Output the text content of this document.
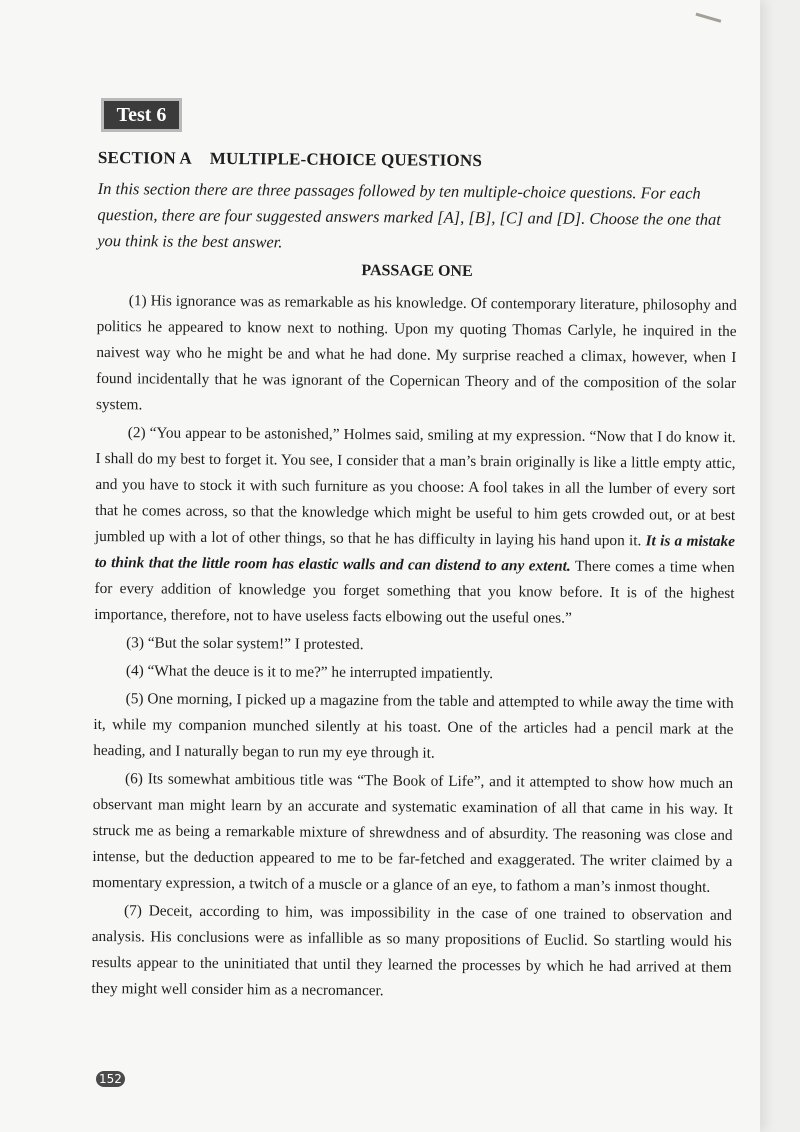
Test 6
SECTION A MULTIPLE-CHOICE QUESTIONS

In this section there are three passages followed by ten multiple-choice questions. For each question, there are four suggested answers marked [A], [B], [C] and [D]. Choose the one that you think is the best answer.

PASSAGE ONE

(1) His ignorance was as remarkable as his knowledge. Of contemporary literature, philosophy and politics he appeared to know next to nothing. Upon my quoting Thomas Carlyle, he inquired in the naivest way who he might be and what he had done. My surprise reached a climax, however, when I found incidentally that he was ignorant of the Copernican Theory and of the composition of the solar system.

(2) “You appear to be astonished,” Holmes said, smiling at my expression. “Now that I do know it. I shall do my best to forget it. You see, I consider that a man’s brain originally is like a little empty attic, and you have to stock it with such furniture as you choose: A fool takes in all the lumber of every sort that he comes across, so that the knowledge which might be useful to him gets crowded out, or at best jumbled up with a lot of other things, so that he has difficulty in laying his hand upon it. It is a mistake to think that the little room has elastic walls and can distend to any extent. There comes a time when for every addition of knowledge you forget something that you know before. It is of the highest importance, therefore, not to have useless facts elbowing out the useful ones.”

(3) “But the solar system!” I protested.

(4) “What the deuce is it to me?” he interrupted impatiently.

(5) One morning, I picked up a magazine from the table and attempted to while away the time with it, while my companion munched silently at his toast. One of the articles had a pencil mark at the heading, and I naturally began to run my eye through it.

(6) Its somewhat ambitious title was “The Book of Life”, and it attempted to show how much an observant man might learn by an accurate and systematic examination of all that came in his way. It struck me as being a remarkable mixture of shrewdness and of absurdity. The reasoning was close and intense, but the deduction appeared to me to be far-fetched and exaggerated. The writer claimed by a momentary expression, a twitch of a muscle or a glance of an eye, to fathom a man’s inmost thought.

(7) Deceit, according to him, was impossibility in the case of one trained to observation and analysis. His conclusions were as infallible as so many propositions of Euclid. So startling would his results appear to the uninitiated that until they learned the processes by which he had arrived at them they might well consider him as a necromancer.

152
